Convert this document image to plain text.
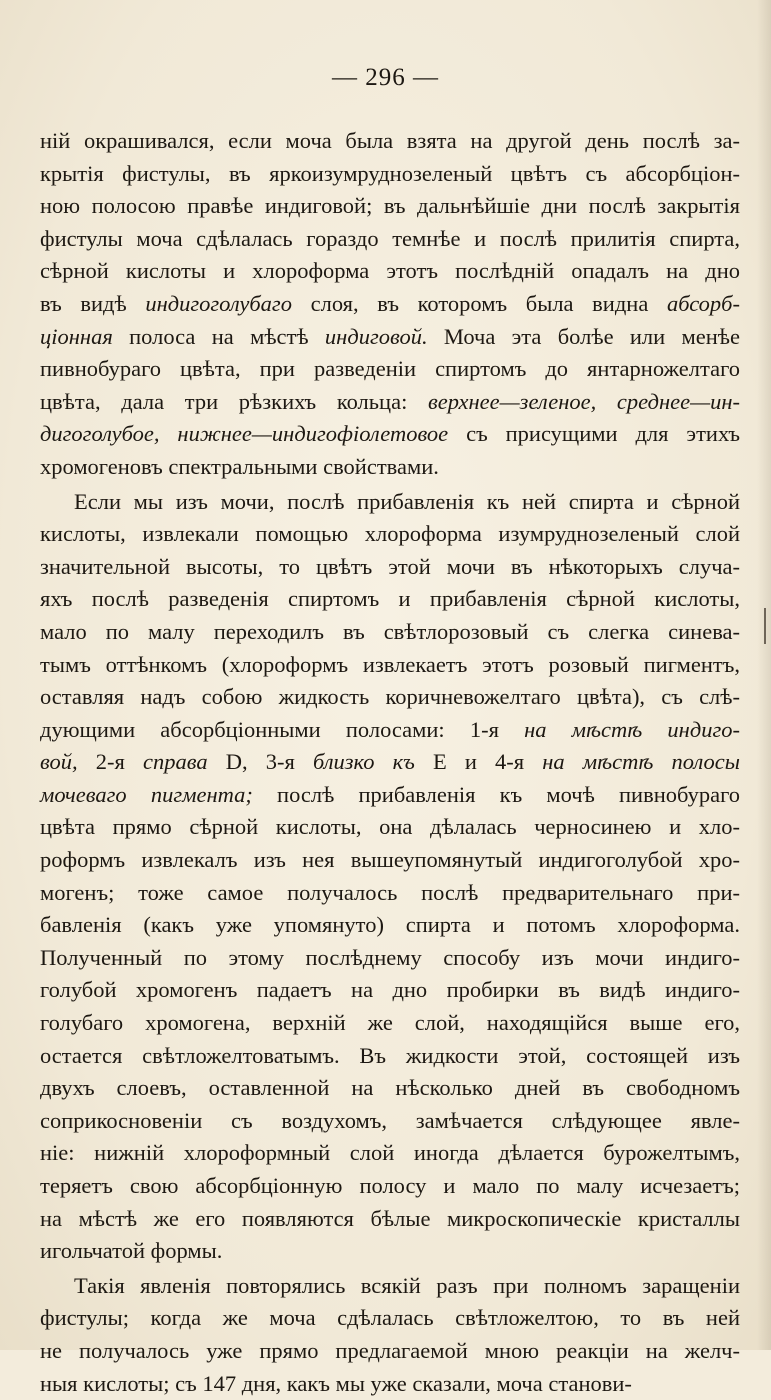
— 296 —
ній окрашивался, если моча была взята на другой день послѣ за-
крытія фистулы, въ яркоизумруднозеленый цвѣтъ съ абсорбціон-
ною полосою правѣе индиговой; въ дальнѣйшіе дни послѣ закрытія
фистулы моча сдѣлалась гораздо темнѣе и послѣ прилитія спирта,
сѣрной кислоты и хлороформа этотъ послѣдній опадалъ на дно
въ видѣ индигоголубаго слоя, въ которомъ была видна абсорб-
ціонная полоса на мѣстѣ индиговой. Моча эта болѣе или менѣе
пивнобураго цвѣта, при разведеніи спиртомъ до янтарножелтаго
цвѣта, дала три рѣзкихъ кольца: верхнее—зеленое, среднее—ин-
дигоголубое, нижнее—индигофіолетовое съ присущими для этихъ
хромогеновъ спектральными свойствами.
Если мы изъ мочи, послѣ прибавленія къ ней спирта и сѣрной
кислоты, извлекали помощью хлороформа изумруднозеленый слой
значительной высоты, то цвѣтъ этой мочи въ нѣкоторыхъ случа-
яхъ послѣ разведенія спиртомъ и прибавленія сѣрной кислоты,
мало по малу переходилъ въ свѣтлорозовый съ слегка синева-
тымъ оттѣнкомъ (хлороформъ извлекаетъ этотъ розовый пигментъ,
оставляя надъ собою жидкость коричневожелтаго цвѣта), съ слѣ-
дующими абсорбціонными полосами: 1-я на мѣстѣ индиго-
вой, 2-я справа D, 3-я близко къ E и 4-я на мѣстѣ полосы
мочеваго пигмента; послѣ прибавленія къ мочѣ пивнобураго
цвѣта прямо сѣрной кислоты, она дѣлалась черносинею и хло-
роформъ извлекалъ изъ нея вышеупомянутый индигоголубой хро-
могенъ; тоже самое получалось послѣ предварительнаго при-
бавленія (какъ уже упомянуто) спирта и потомъ хлороформа.
Полученный по этому послѣднему способу изъ мочи индиго-
голубой хромогенъ падаетъ на дно пробирки въ видѣ индиго-
голубаго хромогена, верхній же слой, находящійся выше его,
остается свѣтложелтоватымъ. Въ жидкости этой, состоящей изъ
двухъ слоевъ, оставленной на нѣсколько дней въ свободномъ
соприкосновеніи съ воздухомъ, замѣчается слѣдующее явле-
ніе: нижній хлороформный слой иногда дѣлается бурожелтымъ,
теряетъ свою абсорбціонную полосу и мало по малу исчезаетъ;
на мѣстѣ же его появляются бѣлые микроскопическіе кристаллы
игольчатой формы.
Такія явленія повторялись всякій разъ при полномъ заращеніи
фистулы; когда же моча сдѣлалась свѣтложелтою, то въ ней
не получалось уже прямо предлагаемой мною реакціи на желч-
ныя кислоты; съ 147 дня, какъ мы уже сказали, моча станови-
